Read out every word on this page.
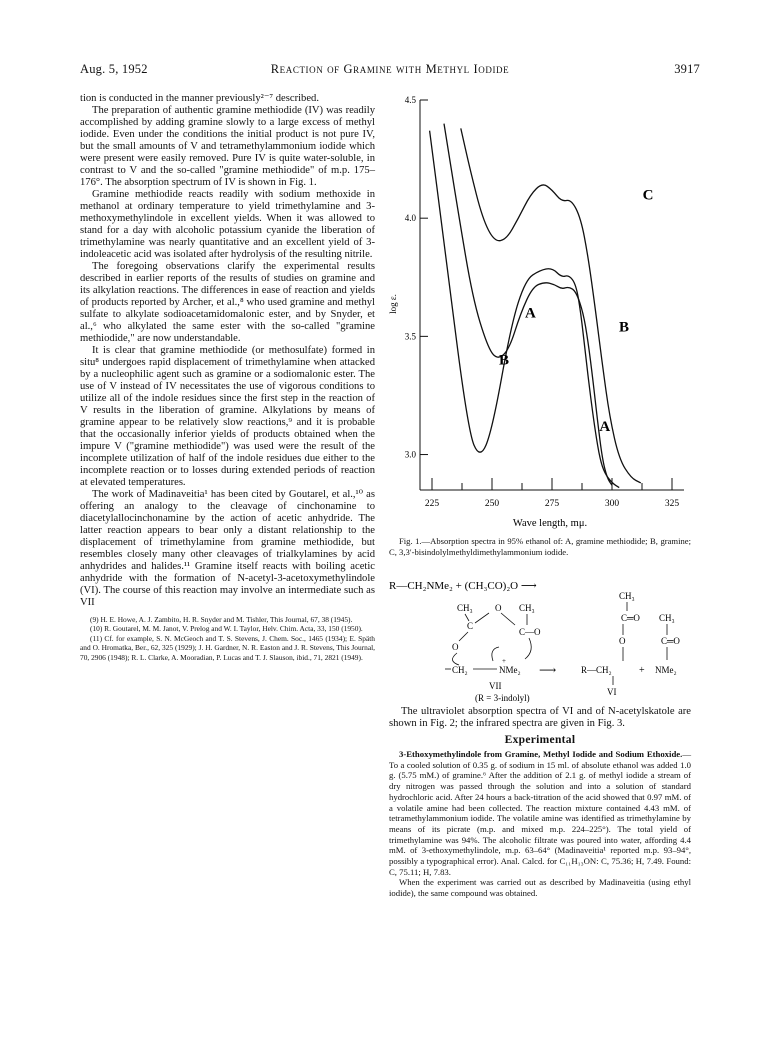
Aug. 5, 1952	Reaction of Gramine with Methyl Iodide	3917

tion is conducted in the manner previously²⁻⁷ described.

The preparation of authentic gramine methiodide (IV) was readily accomplished by adding gramine slowly to a large excess of methyl iodide. Even under the conditions the initial product is not pure IV, but the small amounts of V and tetramethylammonium iodide which were present were easily removed. Pure IV is quite water-soluble, in contrast to V and the so-called "gramine methiodide" of m.p. 175–176°. The absorption spectrum of IV is shown in Fig. 1.

Gramine methiodide reacts readily with sodium methoxide in methanol at ordinary temperature to yield trimethylamine and 3-methoxymethylindole in excellent yields. When it was allowed to stand for a day with alcoholic potassium cyanide the liberation of trimethylamine was nearly quantitative and an excellent yield of 3-indoleacetic acid was isolated after hydrolysis of the resulting nitrile.

The foregoing observations clarify the experimental results described in earlier reports of the results of studies on gramine and its alkylation reactions. The differences in ease of reaction and yields of products reported by Archer, et al.,⁸ who used gramine and methyl sulfate to alkylate sodioacetamidomalonic ester, and by Snyder, et al.,⁶ who alkylated the same ester with the so-called "gramine methiodide," are now understandable.

It is clear that gramine methiodide (or methosulfate) formed in situ⁸ undergoes rapid displacement of trimethylamine when attacked by a nucleophilic agent such as gramine or a sodiomalonic ester. The use of V instead of IV necessitates the use of vigorous conditions to utilize all of the indole residues since the first step in the reaction of V results in the liberation of gramine. Alkylations by means of gramine appear to be relatively slow reactions,⁹ and it is probable that the occasionally inferior yields of products obtained when the impure V ("gramine methiodide") was used were the result of the incomplete utilization of half of the indole residues due either to the incomplete reaction or to losses during extended periods of reaction at elevated temperatures.

The work of Madinaveitia¹ has been cited by Goutarel, et al.,¹⁰ as offering an analogy to the cleavage of cinchonamine to diacetylallocinchonamine by the action of acetic anhydride. The latter reaction appears to bear only a distant relationship to the displacement of trimethylamine from gramine methiodide, but resembles closely many other cleavages of trialkylamines by acid anhydrides and halides.¹¹ Gramine itself reacts with boiling acetic anhydride with the formation of N-acetyl-3-acetoxymethylindole (VI). The course of this reaction may involve an intermediate such as VII

(9) H. E. Howe, A. J. Zambito, H. R. Snyder and M. Tishler, This Journal, 67, 38 (1945).

(10) R. Goutarel, M. M. Janot, V. Prelog and W. I. Taylor, Helv. Chim. Acta, 33, 150 (1950).

(11) Cf. for example, S. N. McGeoch and T. S. Stevens, J. Chem. Soc., 1465 (1934); E. Späth and O. Hromatka, Ber., 62, 325 (1929); J. H. Gardner, N. R. Easton and J. R. Stevens, This Journal, 70, 2906 (1948); R. L. Clarke, A. Mooradian, P. Lucas and T. J. Slauson, ibid., 71, 2821 (1949).

3.0
3.5
4.0
4.5
225	250	275	300	325
A
A
B
B
C
log ε.
Wave length, mμ.
Fig. 1.—Absorption spectra in 95% ethanol of: A, gramine methiodide; B, gramine; C, 3,3′-bisindolylmethyldimethylammonium iodide.
R—CH₂NMe₂ + (CH₃CO)₂O ⟶
CH₃
C═O
O
CH₃
C═O
CH₃ O CH₃
C
C—O
O
CH₂	NMe₂
+
⟶	R—CH₂	+ NMe₂
VII
VI
(R = 3-indolyl)

The ultraviolet absorption spectra of VI and of N-acetylskatole are shown in Fig. 2; the infrared spectra are given in Fig. 3.

Experimental

3-Ethoxymethylindole from Gramine, Methyl Iodide and Sodium Ethoxide.—To a cooled solution of 0.35 g. of sodium in 15 ml. of absolute ethanol was added 1.0 g. (5.75 mM.) of gramine.⁶ After the addition of 2.1 g. of methyl iodide a stream of dry nitrogen was passed through the solution and into a solution of standard hydrochloric acid. After 24 hours a back-titration of the acid showed that 0.97 mM. of a volatile amine had been collected. The reaction mixture contained 4.43 mM. of tetramethylammonium iodide. The volatile amine was identified as trimethylamine by means of its picrate (m.p. and mixed m.p. 224–225°). The total yield of trimethylamine was 94%. The alcoholic filtrate was poured into water, affording 4.4 mM. of 3-ethoxymethylindole, m.p. 63–64° (Madinaveitia¹ reported m.p. 93–94°, possibly a typographical error). Anal. Calcd. for C₁₁H₁₃ON: C, 75.36; H, 7.49. Found: C, 75.11; H, 7.83.

When the experiment was carried out as described by Madinaveitia (using ethyl iodide), the same compound was obtained.
